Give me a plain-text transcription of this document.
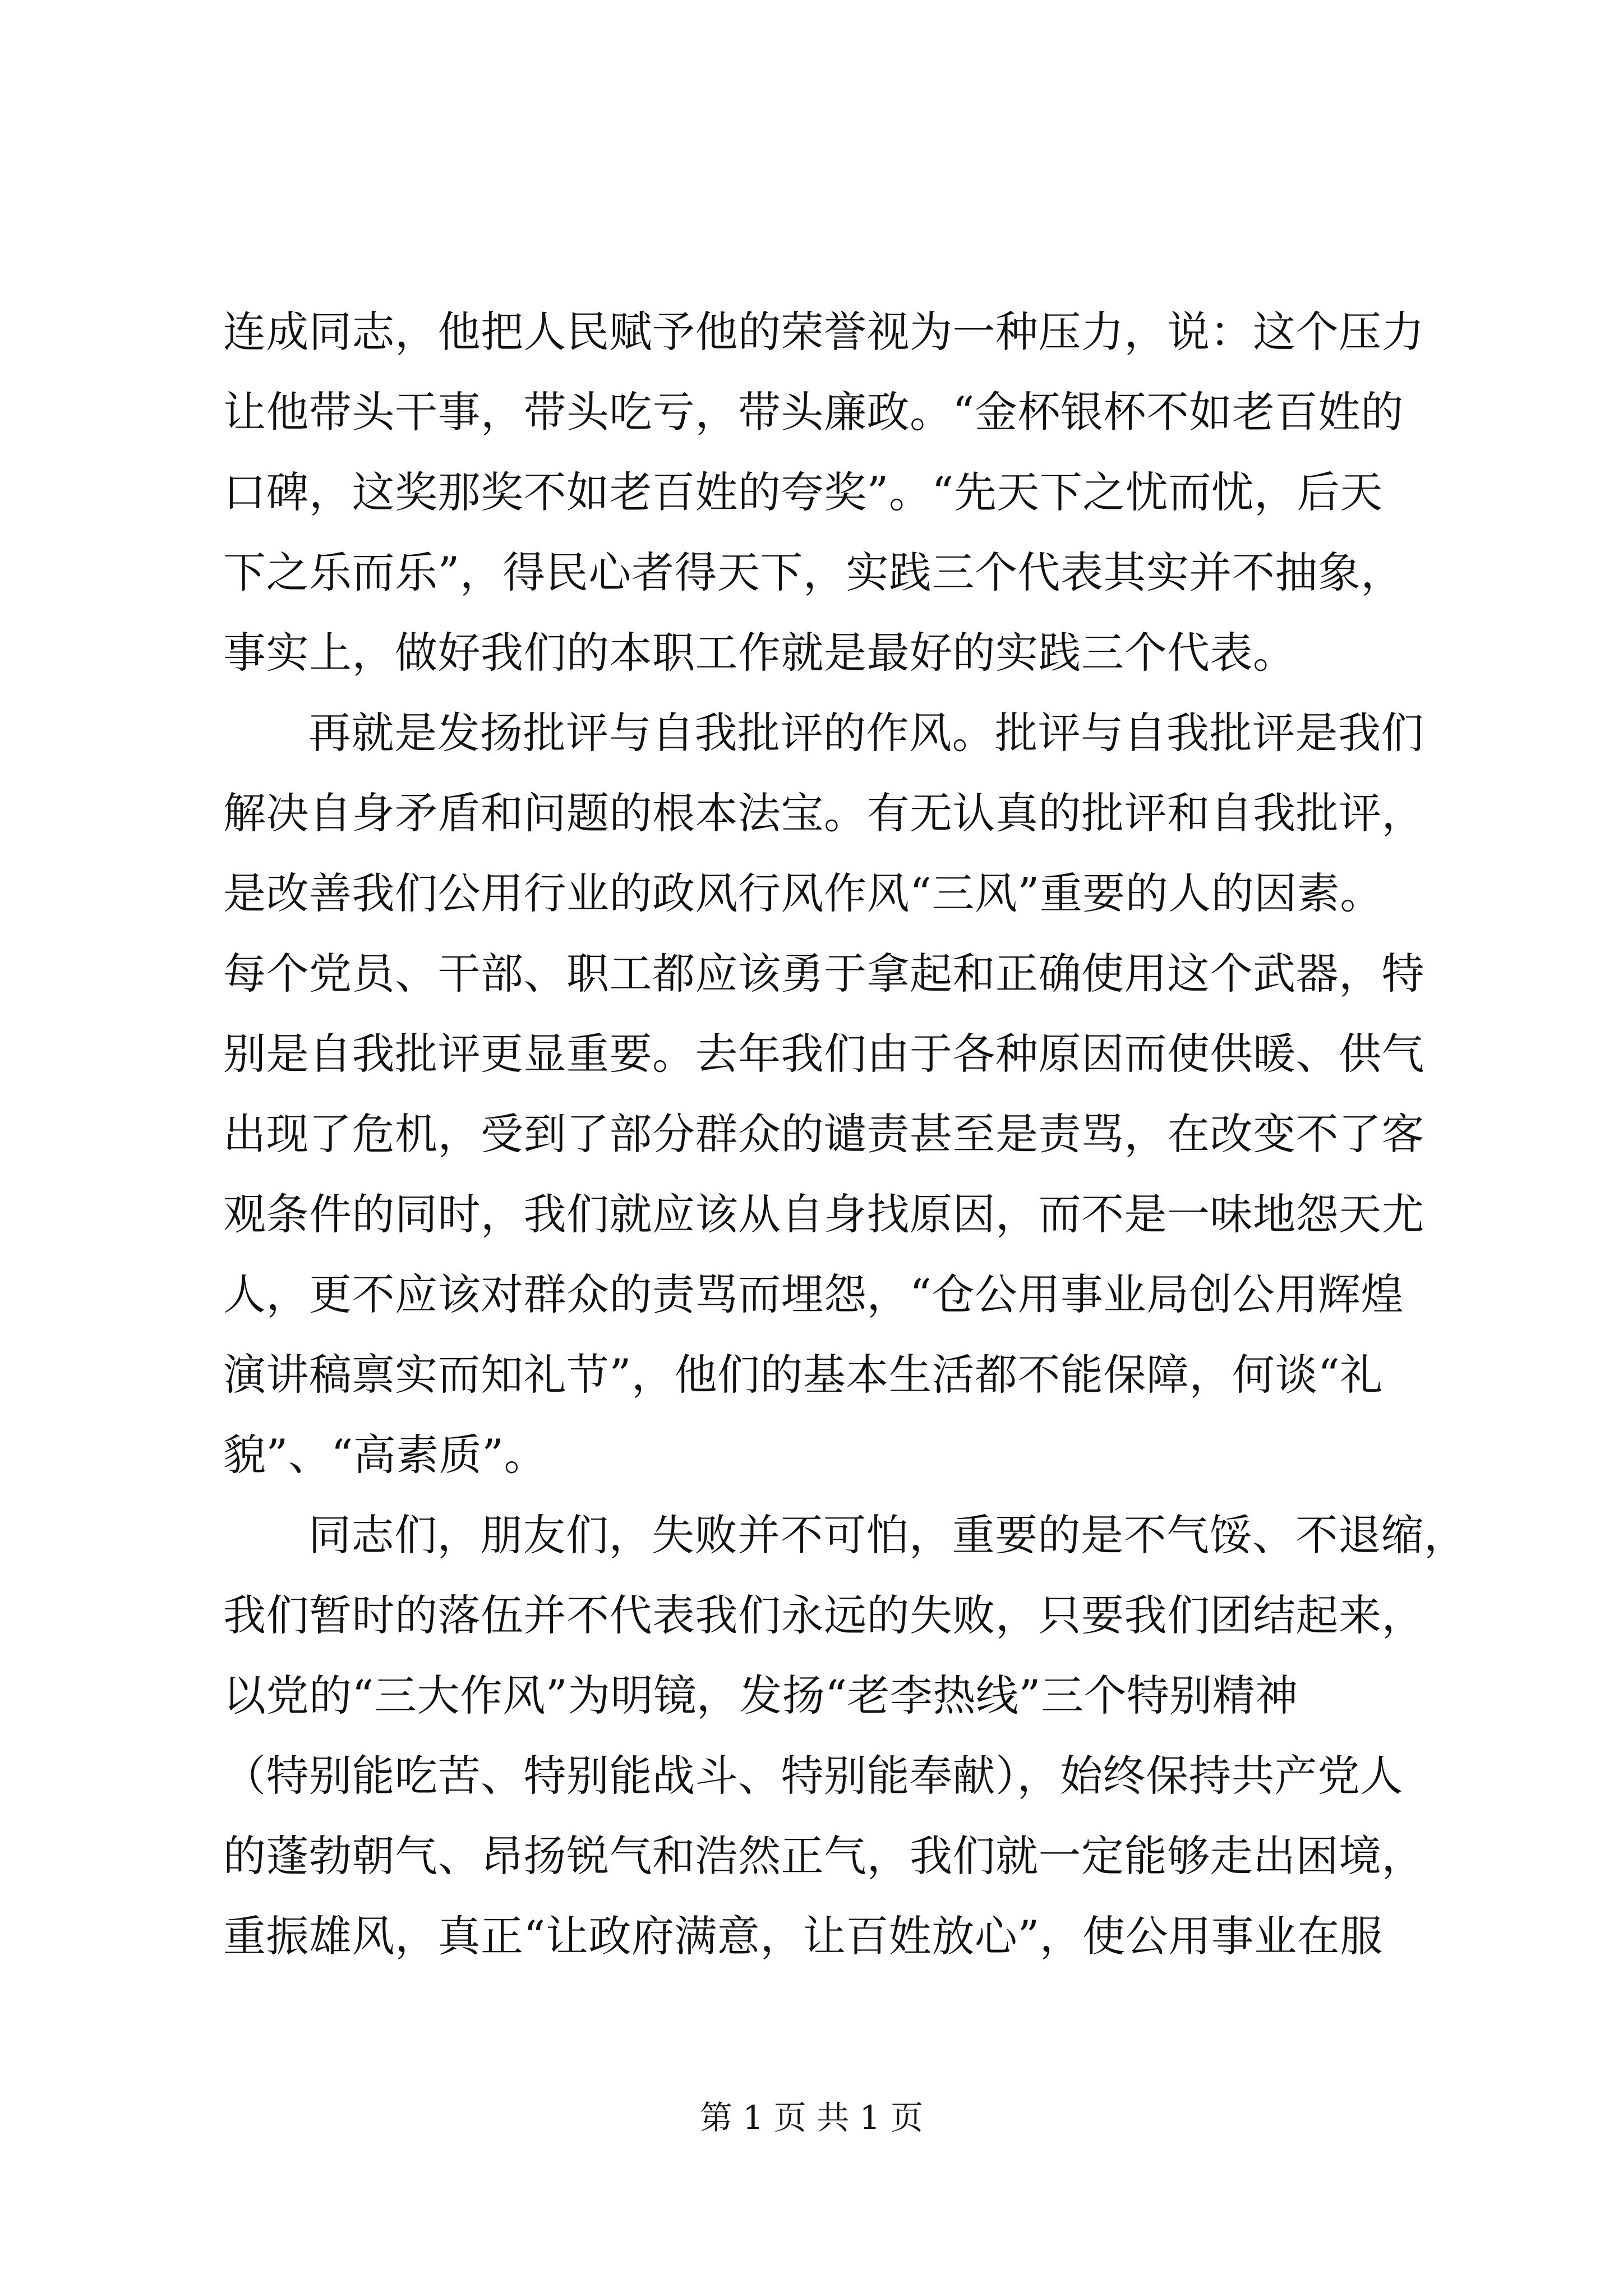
连成同志，他把人民赋予他的荣誉视为一种压力，说：这个压力
让他带头干事，带头吃亏，带头廉政。“金杯银杯不如老百姓的
口碑，这奖那奖不如老百姓的夸奖”。“先天下之忧而忧，后天
下之乐而乐”，得民心者得天下，实践三个代表其实并不抽象，
事实上，做好我们的本职工作就是最好的实践三个代表。
再就是发扬批评与自我批评的作风。批评与自我批评是我们
解决自身矛盾和问题的根本法宝。有无认真的批评和自我批评，
是改善我们公用行业的政风行风作风“三风”重要的人的因素。
每个党员、干部、职工都应该勇于拿起和正确使用这个武器，特
别是自我批评更显重要。去年我们由于各种原因而使供暖、供气
出现了危机，受到了部分群众的谴责甚至是责骂，在改变不了客
观条件的同时，我们就应该从自身找原因，而不是一味地怨天尤
人，更不应该对群众的责骂而埋怨，“仓公用事业局创公用辉煌
演讲稿禀实而知礼节”，他们的基本生活都不能保障，何谈“礼
貌”、“高素质”。
同志们，朋友们，失败并不可怕，重要的是不气馁、不退缩，
我们暂时的落伍并不代表我们永远的失败，只要我们团结起来，
以党的“三大作风”为明镜，发扬“老李热线”三个特别精神
（特别能吃苦、特别能战斗、特别能奉献），始终保持共产党人
的蓬勃朝气、昂扬锐气和浩然正气，我们就一定能够走出困境，
重振雄风，真正“让政府满意，让百姓放心”，使公用事业在服
第 1 页 共 1 页
